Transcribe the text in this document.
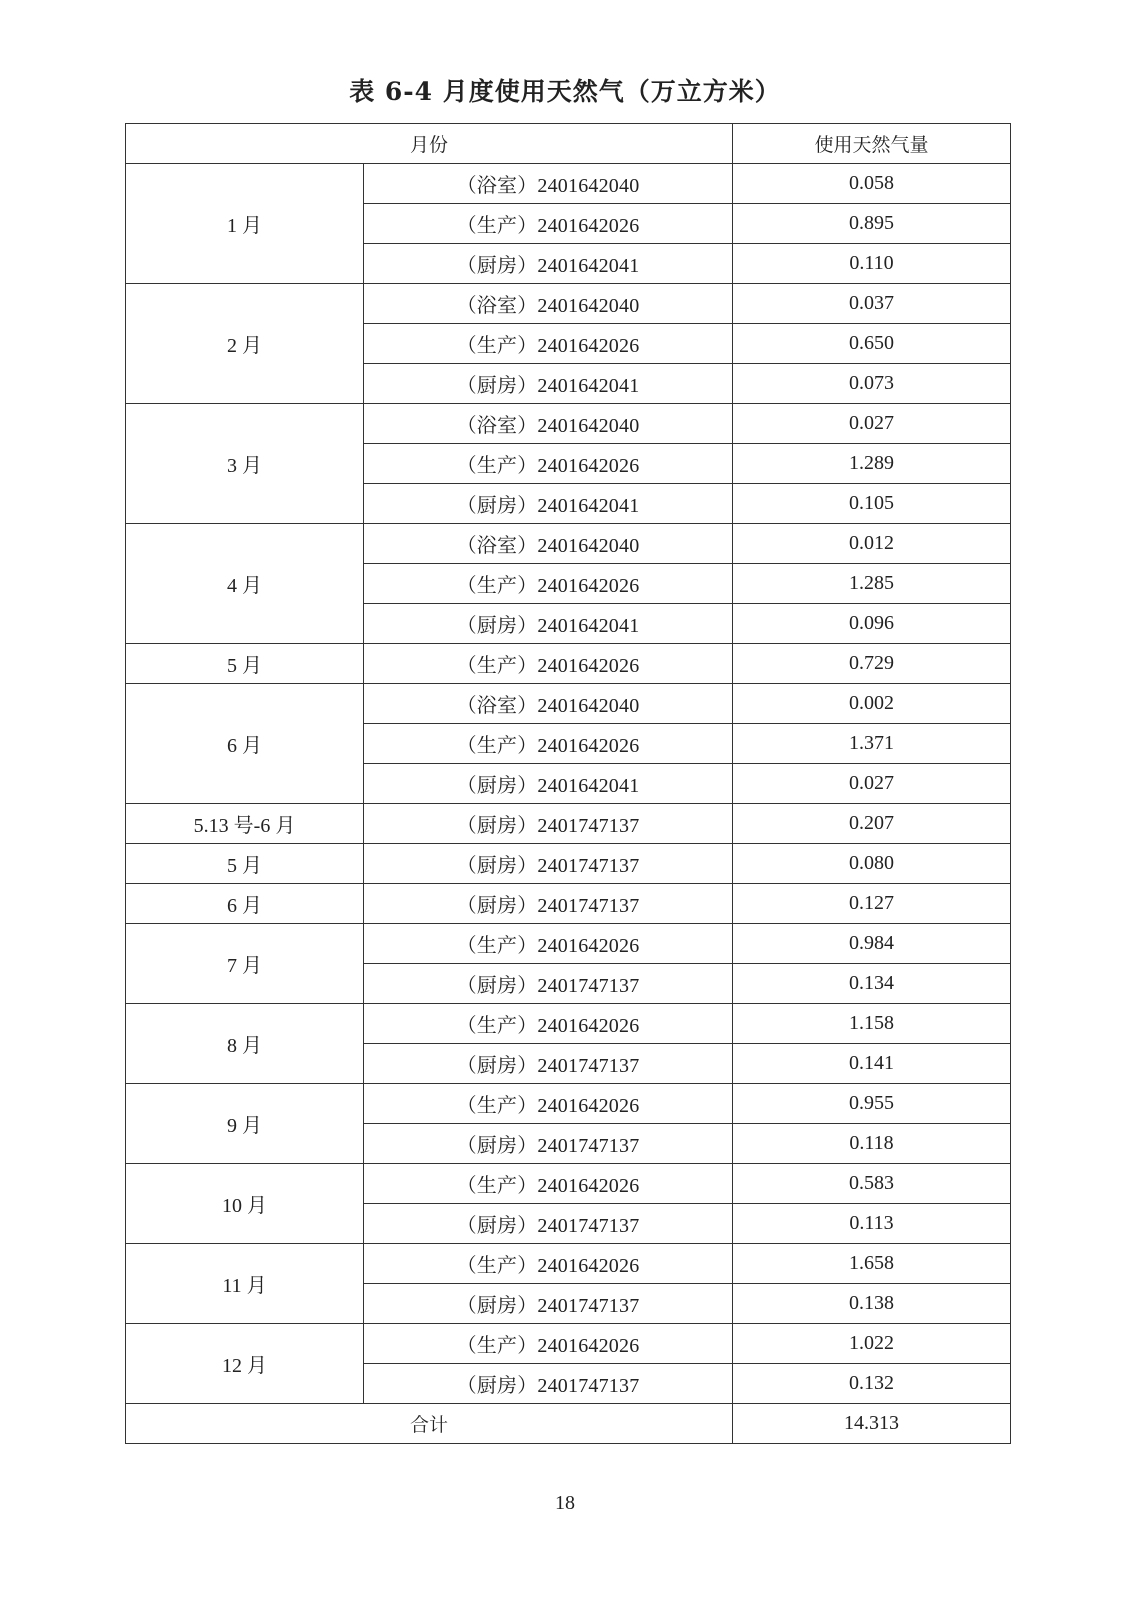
表 6-4 月度使用天然气（万立方米）
月份		使用天然气量
1 月	（浴室）2401642040	0.058
	（生产）2401642026	0.895
	（厨房）2401642041	0.110
2 月	（浴室）2401642040	0.037
	（生产）2401642026	0.650
	（厨房）2401642041	0.073
3 月	（浴室）2401642040	0.027
	（生产）2401642026	1.289
	（厨房）2401642041	0.105
4 月	（浴室）2401642040	0.012
	（生产）2401642026	1.285
	（厨房）2401642041	0.096
5 月	（生产）2401642026	0.729
6 月	（浴室）2401642040	0.002
	（生产）2401642026	1.371
	（厨房）2401642041	0.027
5.13 号-6 月	（厨房）2401747137	0.207
5 月	（厨房）2401747137	0.080
6 月	（厨房）2401747137	0.127
7 月	（生产）2401642026	0.984
	（厨房）2401747137	0.134
8 月	（生产）2401642026	1.158
	（厨房）2401747137	0.141
9 月	（生产）2401642026	0.955
	（厨房）2401747137	0.118
10 月	（生产）2401642026	0.583
	（厨房）2401747137	0.113
11 月	（生产）2401642026	1.658
	（厨房）2401747137	0.138
12 月	（生产）2401642026	1.022
	（厨房）2401747137	0.132
合计		14.313
18
